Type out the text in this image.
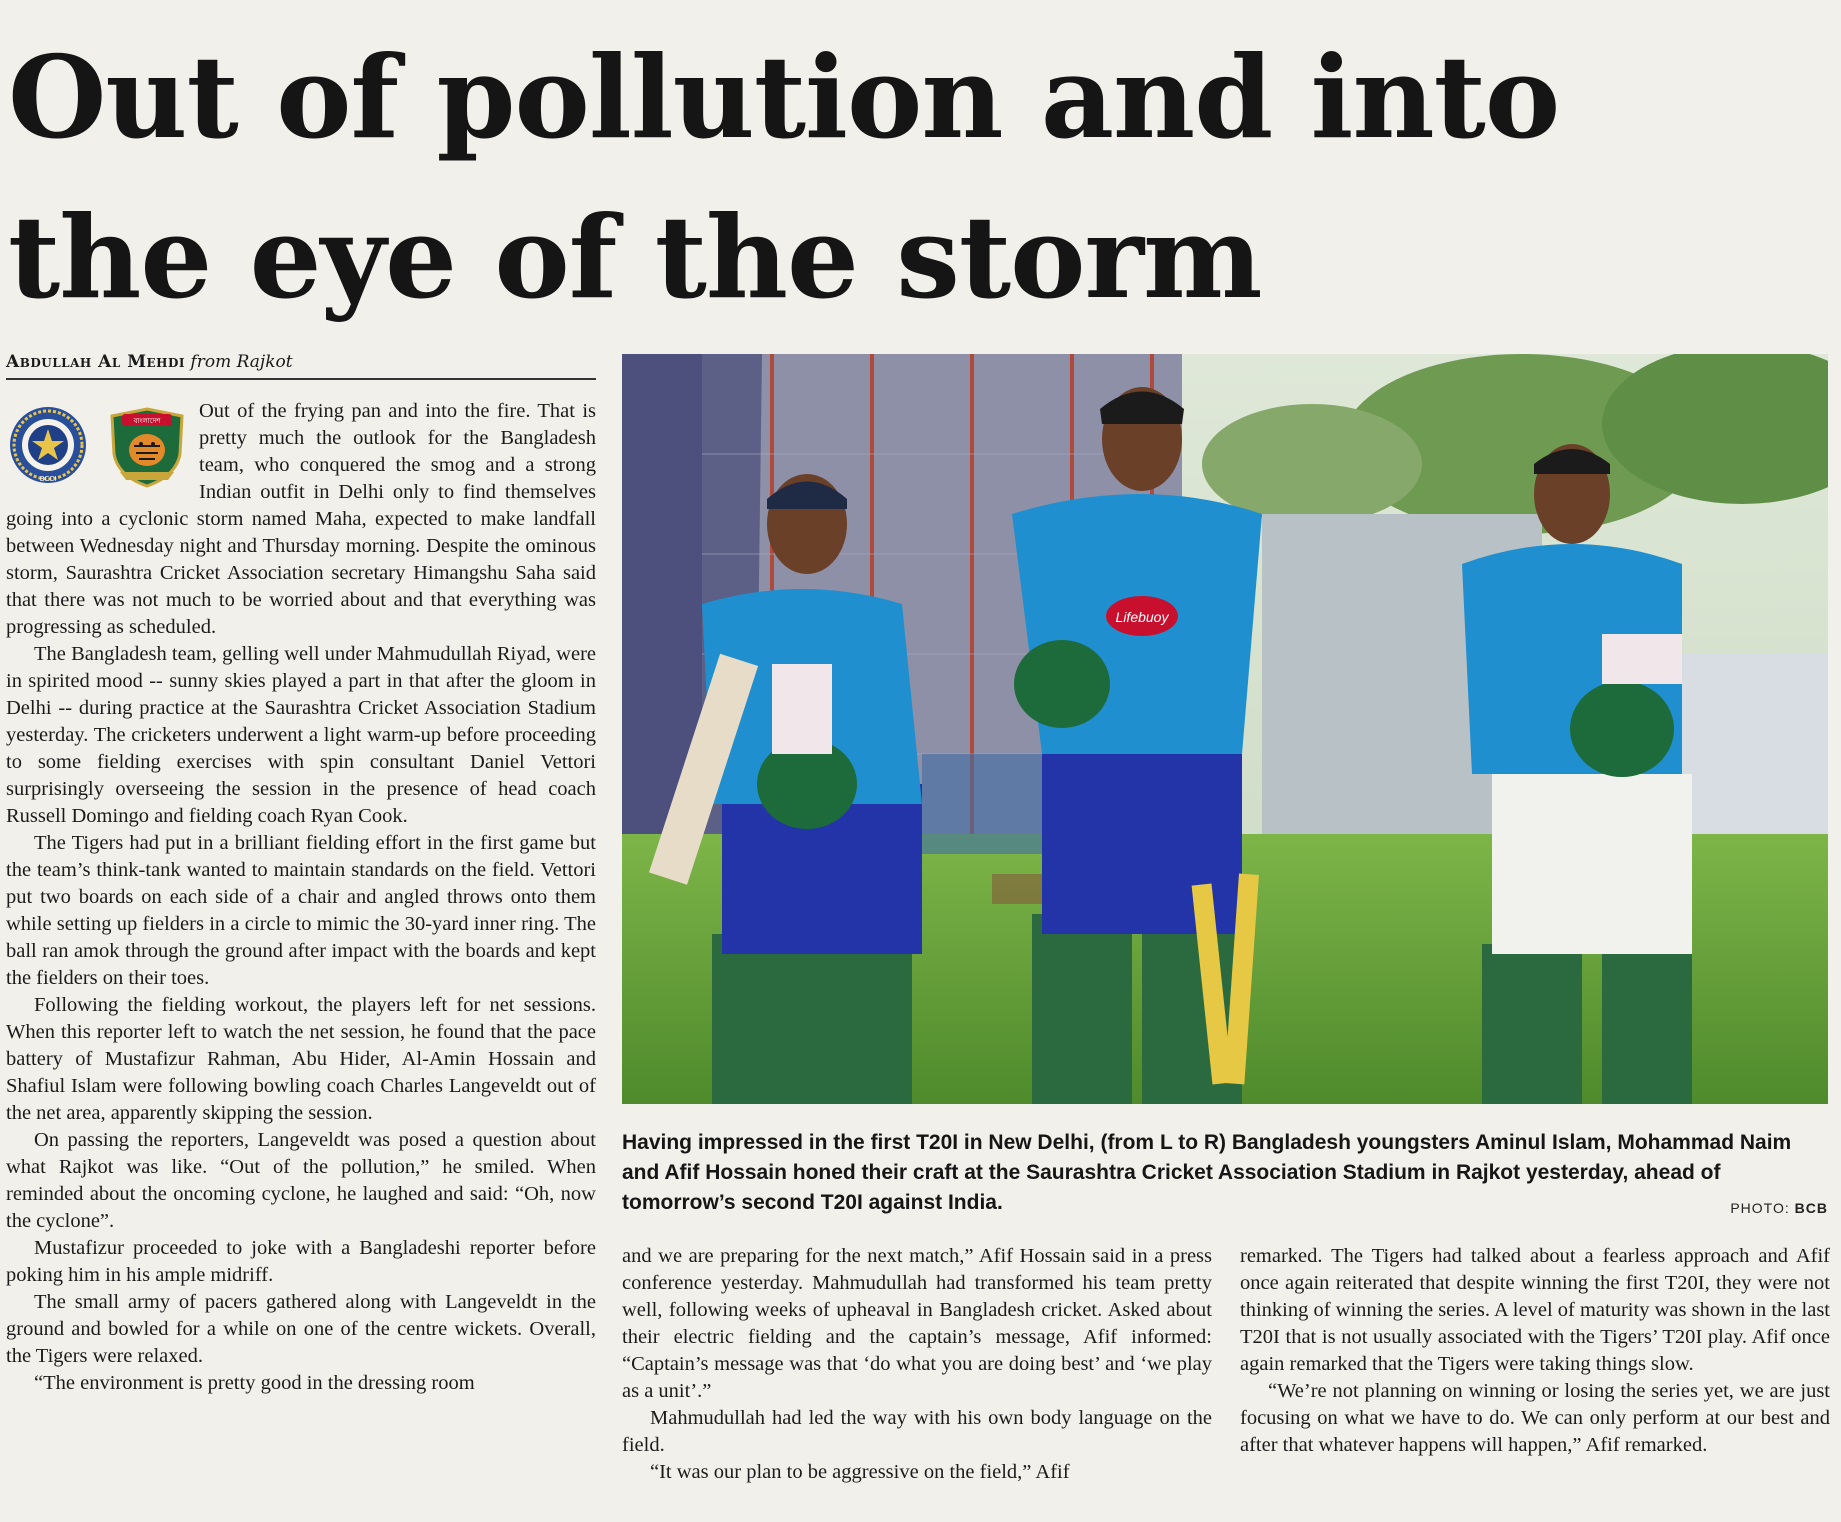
Out of pollution and into
the eye of the storm
Abdullah Al Mehdi from Rajkot
BCCI
বাংলাদেশ	Out of the frying pan and into the fire. That is pretty much the outlook for the Bangladesh team, who conquered the smog and a strong Indian outfit in Delhi only to find themselves going into a cyclonic storm named Maha, expected to make landfall between Wednesday night and Thursday morning. Despite the ominous storm, Saurashtra Cricket Association secretary Himangshu Saha said that there was not much to be worried about and that everything was progressing as scheduled.

The Bangladesh team, gelling well under Mahmudullah Riyad, were in spirited mood -- sunny skies played a part in that after the gloom in Delhi -- during practice at the Saurashtra Cricket Association Stadium yesterday. The cricketers underwent a light warm-up before proceeding to some fielding exercises with spin consultant Daniel Vettori surprisingly overseeing the session in the presence of head coach Russell Domingo and fielding coach Ryan Cook.

The Tigers had put in a brilliant fielding effort in the first game but the team’s think-tank wanted to maintain standards on the field. Vettori put two boards on each side of a chair and angled throws onto them while setting up fielders in a circle to mimic the 30-yard inner ring. The ball ran amok through the ground after impact with the boards and kept the fielders on their toes.

Following the fielding workout, the players left for net sessions. When this reporter left to watch the net session, he found that the pace battery of Mustafizur Rahman, Abu Hider, Al-Amin Hossain and Shafiul Islam were following bowling coach Charles Langeveldt out of the net area, apparently skipping the session.

On passing the reporters, Langeveldt was posed a question about what Rajkot was like. “Out of the pollution,” he smiled. When reminded about the oncoming cyclone, he laughed and said: “Oh, now the cyclone”.

Mustafizur proceeded to joke with a Bangladeshi reporter before poking him in his ample midriff.

The small army of pacers gathered along with Langeveldt in the ground and bowled for a while on one of the centre wickets. Overall, the Tigers were relaxed.

“The environment is pretty good in the dressing room

Lifebuoy
Having impressed in the first T20I in New Delhi, (from L to R) Bangladesh youngsters Aminul Islam, Mohammad Naim and Afif Hossain honed their craft at the Saurashtra Cricket Association Stadium in Rajkot yesterday, ahead of tomorrow’s second T20I against India.	PHOTO: BCB

and we are preparing for the next match,” Afif Hossain said in a press conference yesterday. Mahmudullah had transformed his team pretty well, following weeks of upheaval in Bangladesh cricket. Asked about their electric fielding and the captain’s message, Afif informed: “Captain’s message was that ‘do what you are doing best’ and ‘we play as a unit’.”

Mahmudullah had led the way with his own body language on the field.

“It was our plan to be aggressive on the field,” Afif

remarked. The Tigers had talked about a fearless approach and Afif once again reiterated that despite winning the first T20I, they were not thinking of winning the series. A level of maturity was shown in the last T20I that is not usually associated with the Tigers’ T20I play. Afif once again remarked that the Tigers were taking things slow.

“We’re not planning on winning or losing the series yet, we are just focusing on what we have to do. We can only perform at our best and after that whatever happens will happen,” Afif remarked.
